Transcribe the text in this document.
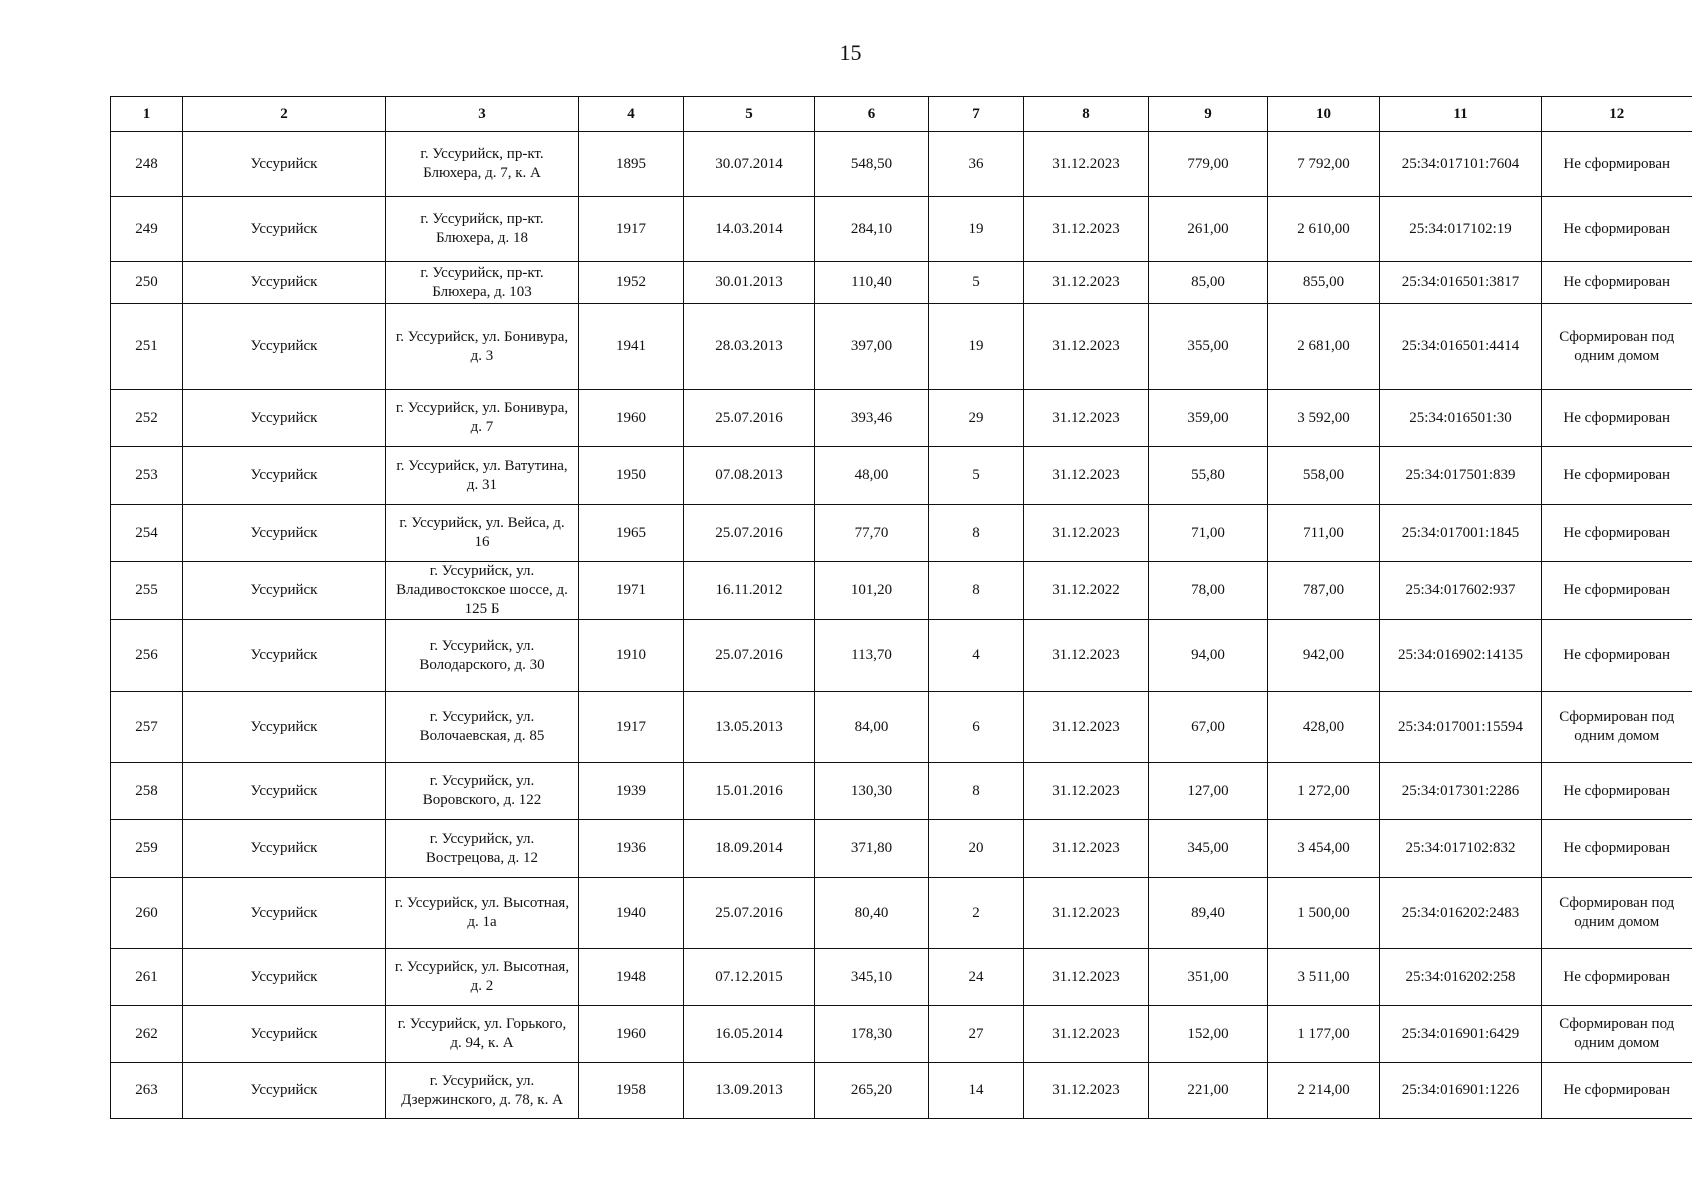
15
1	2	3	4	5	6	7	8	9	10	11	12
248	Уссурийск	г. Уссурийск, пр-кт. Блюхера, д. 7, к. А	1895	30.07.2014	548,50	36	31.12.2023	779,00	7 792,00	25:34:017101:7604	Не сформирован
249	Уссурийск	г. Уссурийск, пр-кт. Блюхера, д. 18	1917	14.03.2014	284,10	19	31.12.2023	261,00	2 610,00	25:34:017102:19	Не сформирован
250	Уссурийск	г. Уссурийск, пр-кт. Блюхера, д. 103	1952	30.01.2013	110,40	5	31.12.2023	85,00	855,00	25:34:016501:3817	Не сформирован
251	Уссурийск	г. Уссурийск, ул. Бонивура, д. 3	1941	28.03.2013	397,00	19	31.12.2023	355,00	2 681,00	25:34:016501:4414	Сформирован под одним домом
252	Уссурийск	г. Уссурийск, ул. Бонивура, д. 7	1960	25.07.2016	393,46	29	31.12.2023	359,00	3 592,00	25:34:016501:30	Не сформирован
253	Уссурийск	г. Уссурийск, ул. Ватутина, д. 31	1950	07.08.2013	48,00	5	31.12.2023	55,80	558,00	25:34:017501:839	Не сформирован
254	Уссурийск	г. Уссурийск, ул. Вейса, д. 16	1965	25.07.2016	77,70	8	31.12.2023	71,00	711,00	25:34:017001:1845	Не сформирован
255	Уссурийск	г. Уссурийск, ул. Владивостокское шоссе, д. 125 Б	1971	16.11.2012	101,20	8	31.12.2022	78,00	787,00	25:34:017602:937	Не сформирован
256	Уссурийск	г. Уссурийск, ул. Володарского, д. 30	1910	25.07.2016	113,70	4	31.12.2023	94,00	942,00	25:34:016902:14135	Не сформирован
257	Уссурийск	г. Уссурийск, ул. Волочаевская, д. 85	1917	13.05.2013	84,00	6	31.12.2023	67,00	428,00	25:34:017001:15594	Сформирован под одним домом
258	Уссурийск	г. Уссурийск, ул. Воровского, д. 122	1939	15.01.2016	130,30	8	31.12.2023	127,00	1 272,00	25:34:017301:2286	Не сформирован
259	Уссурийск	г. Уссурийск, ул. Вострецова, д. 12	1936	18.09.2014	371,80	20	31.12.2023	345,00	3 454,00	25:34:017102:832	Не сформирован
260	Уссурийск	г. Уссурийск, ул. Высотная, д. 1а	1940	25.07.2016	80,40	2	31.12.2023	89,40	1 500,00	25:34:016202:2483	Сформирован под одним домом
261	Уссурийск	г. Уссурийск, ул. Высотная, д. 2	1948	07.12.2015	345,10	24	31.12.2023	351,00	3 511,00	25:34:016202:258	Не сформирован
262	Уссурийск	г. Уссурийск, ул. Горького, д. 94, к. А	1960	16.05.2014	178,30	27	31.12.2023	152,00	1 177,00	25:34:016901:6429	Сформирован под одним домом
263	Уссурийск	г. Уссурийск, ул. Дзержинского, д. 78, к. А	1958	13.09.2013	265,20	14	31.12.2023	221,00	2 214,00	25:34:016901:1226	Не сформирован
